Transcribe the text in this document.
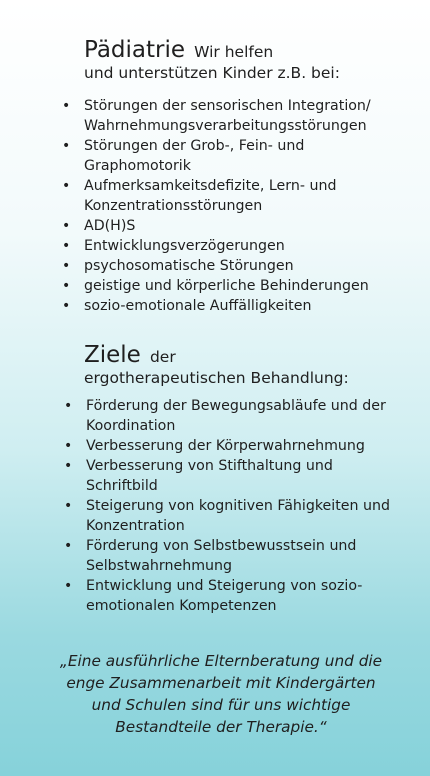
Pädiatrie Wir helfen
und unterstützen Kinder z.B. bei:
• Störungen der sensorischen Integration/ Wahrnehmungsverarbeitungsstörungen
• Störungen der Grob-, Fein- und Graphomotorik
• Aufmerksamkeitsdefizite, Lern- und Konzentrationsstörungen
• AD(H)S
• Entwicklungsverzögerungen
• psychosomatische Störungen
• geistige und körperliche Behinderungen
• sozio-emotionale Auffälligkeiten
Ziele der
ergotherapeutischen Behandlung:
• Förderung der Bewegungsabläufe und der Koordination
• Verbesserung der Körperwahrnehmung
• Verbesserung von Stifthaltung und Schriftbild
• Steigerung von kognitiven Fähigkeiten und Konzentration
• Förderung von Selbstbewusstsein und Selbstwahrnehmung
• Entwicklung und Steigerung von sozio-emotionalen Kompetenzen
„Eine ausführliche Elternberatung und die enge Zusammenarbeit mit Kindergärten und Schulen sind für uns wichtige Bestandteile der Therapie.“
